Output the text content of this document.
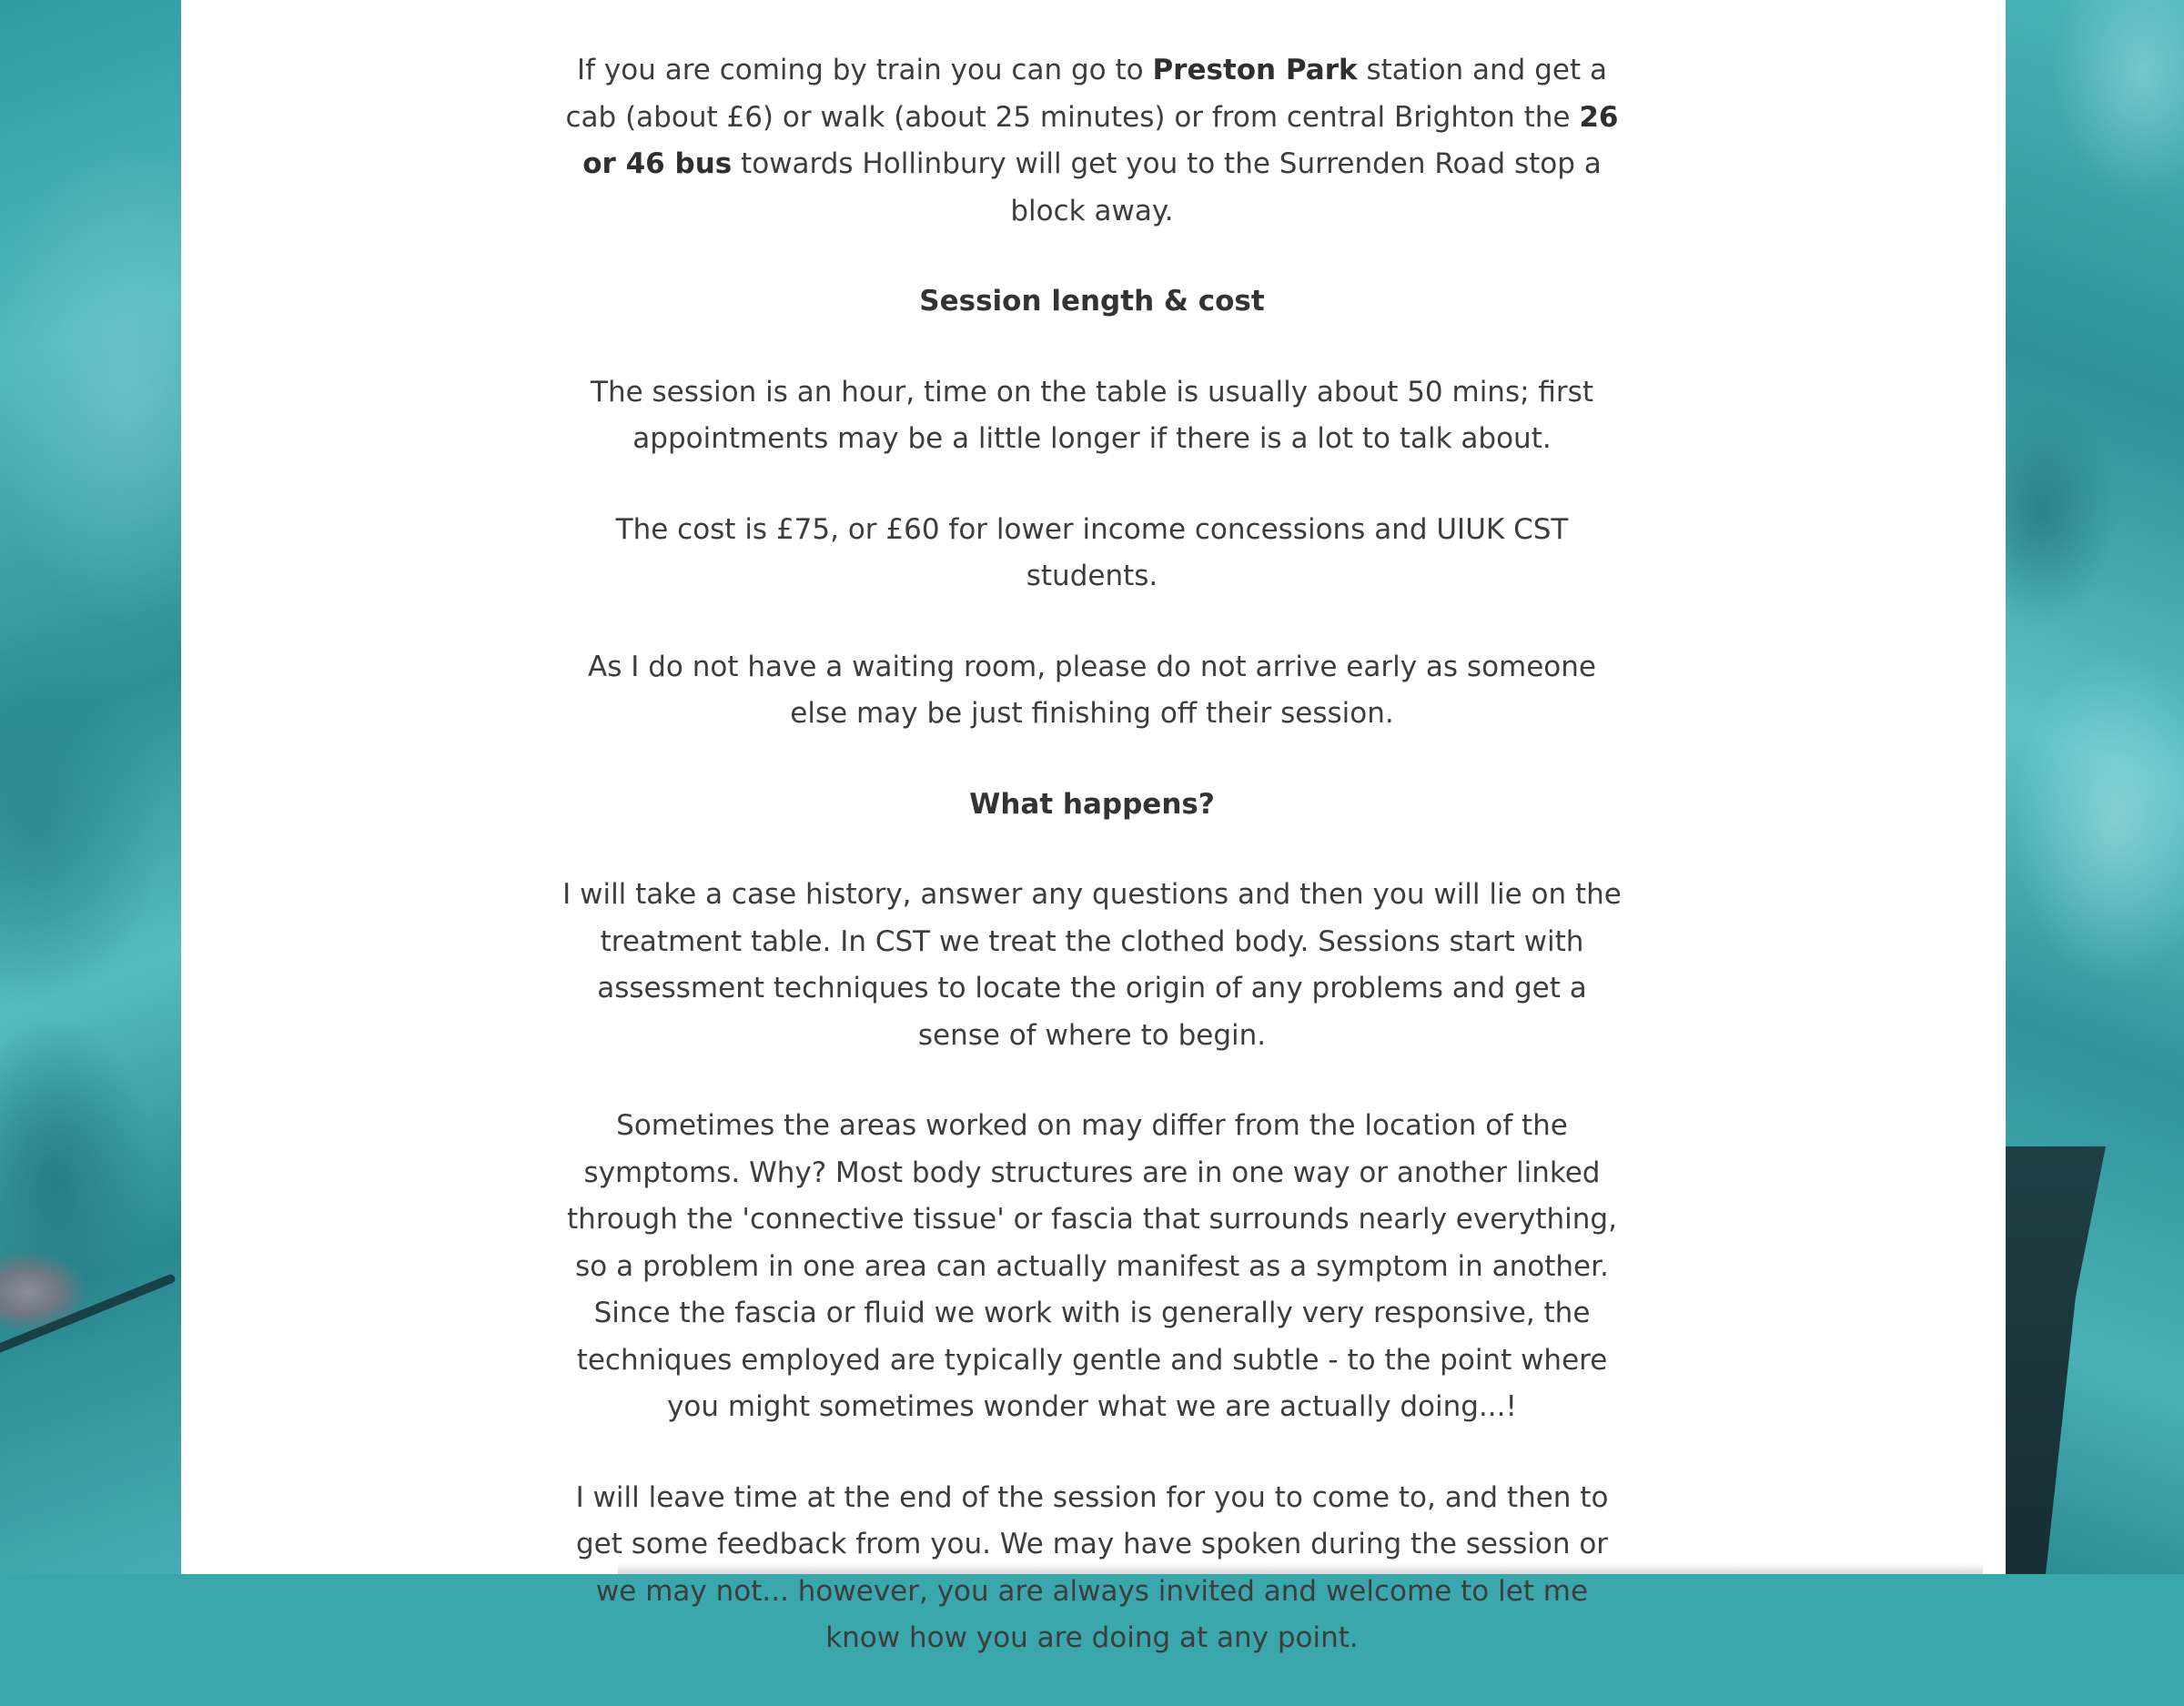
If you are coming by train you can go to Preston Park station and get a cab (about £6) or walk (about 25 minutes) or from central Brighton the 26 or 46 bus towards Hollinbury will get you to the Surrenden Road stop a block away.

Session length & cost

The session is an hour, time on the table is usually about 50 mins; first appointments may be a little longer if there is a lot to talk about.

The cost is £75, or £60 for lower income concessions and UIUK CST students.

As I do not have a waiting room, please do not arrive early as someone else may be just finishing off their session.

What happens?

I will take a case history, answer any questions and then you will lie on the treatment table. In CST we treat the clothed body. Sessions start with assessment techniques to locate the origin of any problems and get a sense of where to begin.

Sometimes the areas worked on may differ from the location of the symptoms. Why? Most body structures are in one way or another linked through the 'connective tissue' or fascia that surrounds nearly everything, so a problem in one area can actually manifest as a symptom in another. Since the fascia or fluid we work with is generally very responsive, the techniques employed are typically gentle and subtle - to the point where you might sometimes wonder what we are actually doing...!

I will leave time at the end of the session for you to come to, and then to get some feedback from you. We may have spoken during the session or we may not... however, you are always invited and welcome to let me know how you are doing at any point.
